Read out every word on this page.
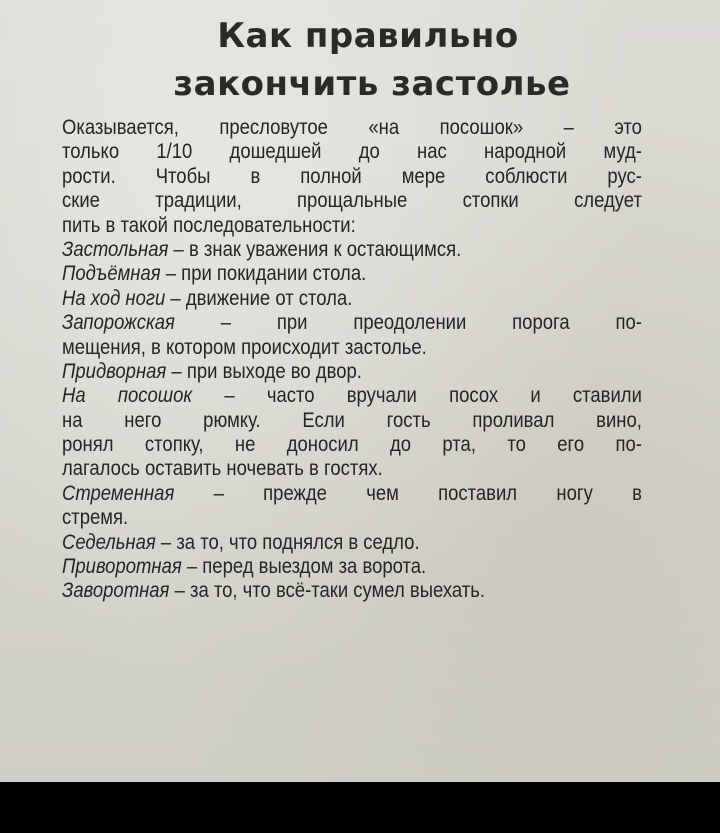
Как правильно
закончить застолье
Оказывается, пресловутое «на посошок» – это
только 1/10 дошедшей до нас народной муд-
рости. Чтобы в полной мере соблюсти рус-
ские традиции, прощальные стопки следует
пить в такой последовательности:
Застольная – в знак уважения к остающимся.
Подъёмная – при покидании стола.
На ход ноги – движение от стола.
Запорожская – при преодолении порога по-
мещения, в котором происходит застолье.
Придворная – при выходе во двор.
На посошок – часто вручали посох и ставили
на него рюмку. Если гость проливал вино,
ронял стопку, не доносил до рта, то его по-
лагалось оставить ночевать в гостях.
Стременная – прежде чем поставил ногу в
стремя.
Седельная – за то, что поднялся в седло.
Приворотная – перед выездом за ворота.
Заворотная – за то, что всё-таки сумел выехать.
